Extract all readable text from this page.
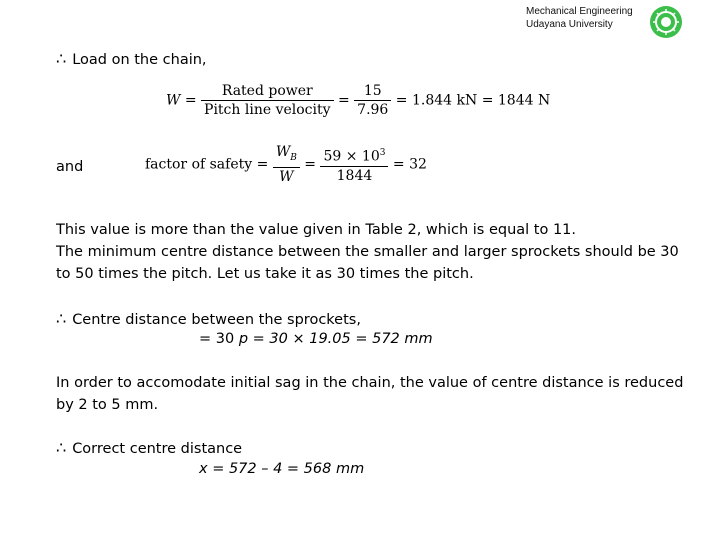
Mechanical Engineering
Udayana University
∴ Load on the chain,
$W = \frac{\text{Rated power}}{\text{Pitch line velocity}} = \frac{15}{7.96} = 1.844$ kN = 1844 N
and	factor of safety = $\frac{W_B}{W} = \frac{59 \times 10^3}{1844} = 32$
This value is more than the value given in Table 2, which is equal to 11.
The minimum centre distance between the smaller and larger sprockets should be 30
to 50 times the pitch. Let us take it as 30 times the pitch.
∴ Centre distance between the sprockets,
= 30 p = 30 × 19.05 = 572 mm
In order to accomodate initial sag in the chain, the value of centre distance is reduced
by 2 to 5 mm.
∴ Correct centre distance
x = 572 – 4 = 568 mm
